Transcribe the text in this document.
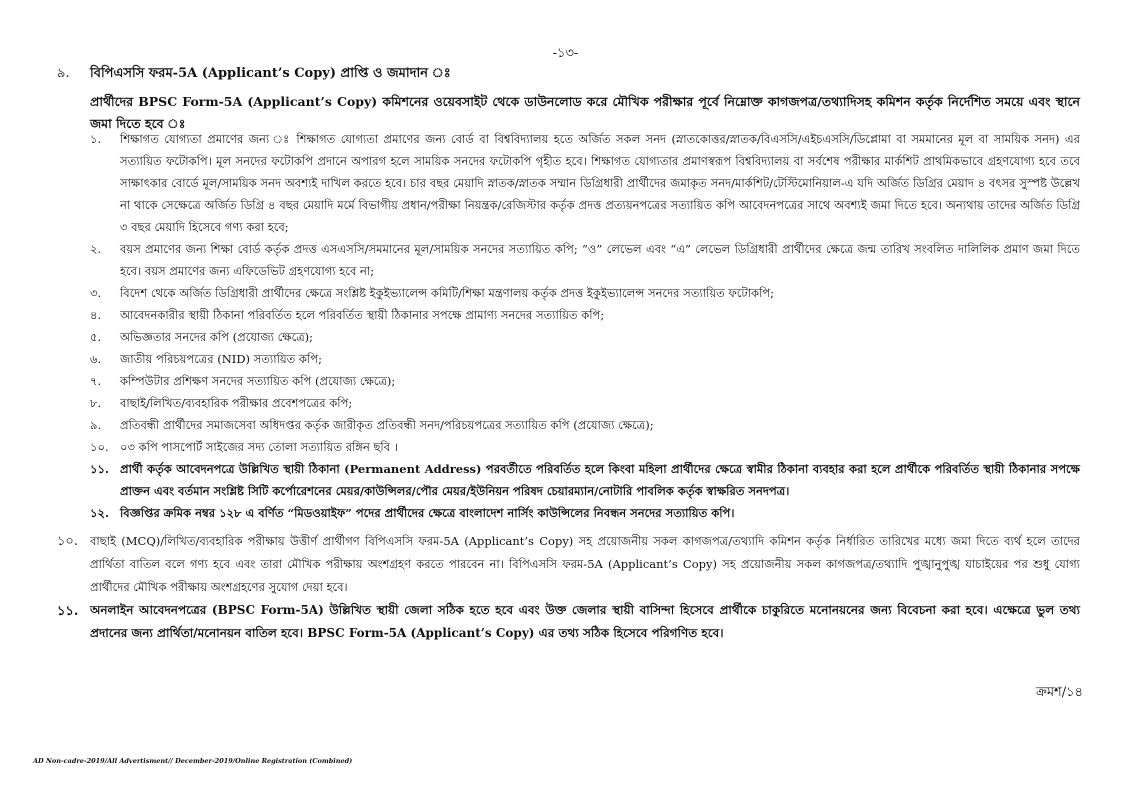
-১৩-
৯. বিপিএসসি ফরম-5A (Applicant’s Copy) প্রাপ্তি ও জমাদান ঃ
প্রার্থীদের BPSC Form-5A (Applicant’s Copy) কমিশনের ওয়েবসাইট থেকে ডাউনলোড করে মৌখিক পরীক্ষার পূর্বে নিম্নোক্ত কাগজপত্র/তথ্যাদিসহ কমিশন কর্তৃক নির্দেশিত সময়ে এবং স্থানে জমা দিতে হবে ঃ
১.	শিক্ষাগত যোগ্যতা প্রমাণের জন্য ঃ শিক্ষাগত যোগ্যতা প্রমাণের জন্য বোর্ড বা বিশ্ববিদ্যালয় হতে অর্জিত সকল সনদ (স্নাতকোত্তর/স্নাতক/বিএসসি/এইচএসসি/ডিপ্লোমা বা সমমানের মূল বা সাময়িক সনদ) এর সত্যায়িত ফটোকপি। মূল সনদের ফটোকপি প্রদানে অপারগ হলে সাময়িক সনদের ফটোকপি গৃহীত হবে। শিক্ষাগত যোগ্যতার প্রমাণস্বরূপ বিশ্ববিদ্যালয় বা সর্বশেষ পরীক্ষার মার্কশিট প্রাথমিকভাবে গ্রহণযোগ্য হবে তবে সাক্ষাৎকার বোর্ডে মূল/সাময়িক সনদ অবশ্যই দাখিল করতে হবে। চার বছর মেয়াদি স্নাতক/স্নাতক সম্মান ডিগ্রিধারী প্রার্থীদের জমাকৃত সনদ/মার্কশিট/টেস্টিমোনিয়াল-এ যদি অর্জিত ডিগ্রির মেয়াদ ৪ বৎসর সুস্পষ্ট উল্লেখ না থাকে সেক্ষেত্রে অর্জিত ডিগ্রি ৪ বছর মেয়াদি মর্মে বিভাগীয় প্রধান/পরীক্ষা নিয়ন্ত্রক/রেজিস্টার কর্তৃক প্রদত্ত প্রত্যয়নপত্রের সত্যায়িত কপি আবেদনপত্রের সাথে অবশ্যই জমা দিতে হবে। অন্যথায় তাদের অর্জিত ডিগ্রি ৩ বছর মেয়াদি হিসেবে গণ্য করা হবে;
২.	বয়স প্রমাণের জন্য শিক্ষা বোর্ড কর্তৃক প্রদত্ত এসএসসি/সমমানের মূল/সাময়িক সনদের সত্যায়িত কপি; “ও” লেভেল এবং “এ” লেভেল ডিগ্রিধারী প্রার্থীদের ক্ষেত্রে জন্ম তারিখ সংবলিত দালিলিক প্রমাণ জমা দিতে হবে। বয়স প্রমাণের জন্য এফিডেভিট গ্রহণযোগ্য হবে না;
৩.	বিদেশ থেকে অর্জিত ডিগ্রিধারী প্রার্থীদের ক্ষেত্রে সংশ্লিষ্ট ইকুইভ্যালেন্স কমিটি/শিক্ষা মন্ত্রণালয় কর্তৃক প্রদত্ত ইকুইভ্যালেন্স সনদের সত্যায়িত ফটোকপি;
৪.	আবেদনকারীর স্থায়ী ঠিকানা পরিবর্তিত হলে পরিবর্তিত স্থায়ী ঠিকানার সপক্ষে প্রামাণ্য সনদের সত্যায়িত কপি;
৫.	অভিজ্ঞতার সনদের কপি (প্রযোজ্য ক্ষেত্রে);
৬.	জাতীয় পরিচয়পত্রের (NID) সত্যায়িত কপি;
৭.	কম্পিউটার প্রশিক্ষণ সনদের সত্যায়িত কপি (প্রযোজ্য ক্ষেত্রে);
৮.	বাছাই/লিখিত/ব্যবহারিক পরীক্ষার প্রবেশপত্রের কপি;
৯.	প্রতিবন্ধী প্রার্থীদের সমাজসেবা অধিদপ্তর কর্তৃক জারীকৃত প্রতিবন্ধী সনদ/পরিচয়পত্রের সত্যায়িত কপি (প্রযোজ্য ক্ষেত্রে);
১০. ০৩ কপি পাসপোর্ট সাইজের সদ্য তোলা সত্যায়িত রঙ্গিন ছবি ।
১১. প্রার্থী কর্তৃক আবেদনপত্রে উল্লিখিত স্থায়ী ঠিকানা (Permanent Address) পরবর্তীতে পরিবর্তিত হলে কিংবা মহিলা প্রার্থীদের ক্ষেত্রে স্বামীর ঠিকানা ব্যবহার করা হলে প্রার্থীকে পরিবর্তিত স্থায়ী ঠিকানার সপক্ষে প্রাক্তন এবং বর্তমান সংশ্লিষ্ট সিটি কর্পোরেশনের মেয়র/কাউন্সিলর/পৌর মেয়র/ইউনিয়ন পরিষদ চেয়ারম্যান/নোটারি পাবলিক কর্তৃক স্বাক্ষরিত সনদপত্র।
১২. বিজ্ঞপ্তির ক্রমিক নম্বর ১২৮ এ বর্ণিত “মিডওয়াইফ” পদের প্রার্থীদের ক্ষেত্রে বাংলাদেশ নার্সিং কাউন্সিলের নিবন্ধন সনদের সত্যায়িত কপি।
১০. বাছাই (MCQ)/লিখিত/ব্যবহারিক পরীক্ষায় উত্তীর্ণ প্রার্থীগণ বিপিএসসি ফরম-5A (Applicant’s Copy) সহ প্রয়োজনীয় সকল কাগজপত্র/তথ্যাদি কমিশন কর্তৃক নির্ধারিত তারিখের মধ্যে জমা দিতে ব্যর্থ হলে তাদের প্রার্থিতা বাতিল বলে গণ্য হবে এবং তারা মৌখিক পরীক্ষায় অংশগ্রহণ করতে পারবেন না। বিপিএসসি ফরম-5A (Applicant’s Copy) সহ প্রয়োজনীয় সকল কাগজপত্র/তথ্যাদি পুঙ্খানুপুঙ্খ যাচাইয়ের পর শুধু যোগ্য প্রার্থীদের মৌখিক পরীক্ষায় অংশগ্রহণের সুযোগ দেয়া হবে।
১১. অনলাইন আবেদনপত্রের (BPSC Form-5A) উল্লিখিত স্থায়ী জেলা সঠিক হতে হবে এবং উক্ত জেলার স্থায়ী বাসিন্দা হিসেবে প্রার্থীকে চাকুরিতে মনোনয়নের জন্য বিবেচনা করা হবে। এক্ষেত্রে ভুল তথ্য প্রদানের জন্য প্রার্থিতা/মনোনয়ন বাতিল হবে। BPSC Form-5A (Applicant’s Copy) এর তথ্য সঠিক হিসেবে পরিগণিত হবে।
ক্রমশ/১৪
AD Non-cadre-2019/All Advertisment// December-2019/Online Registration (Combined)
